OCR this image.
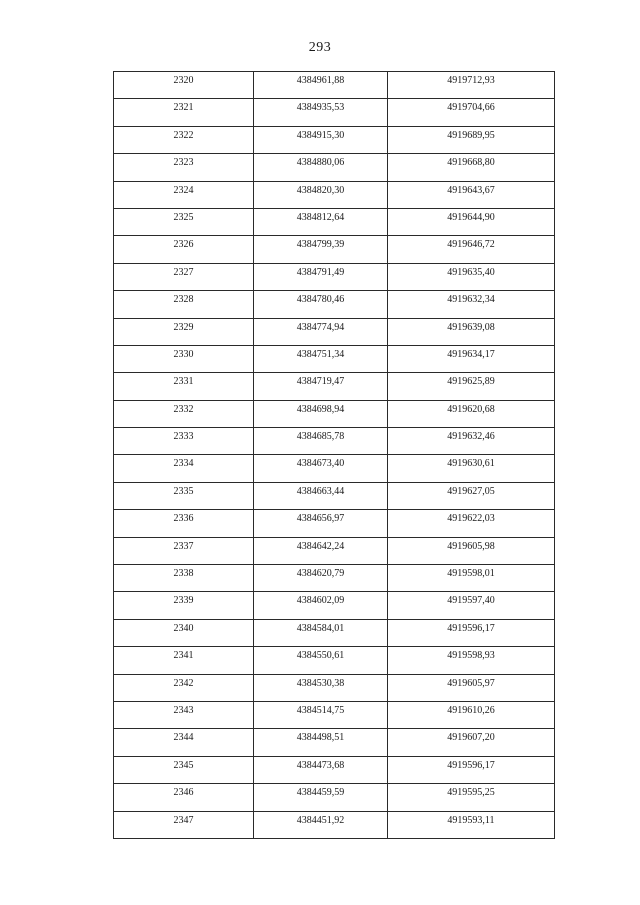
293
2320	4384961,88	4919712,93
2321	4384935,53	4919704,66
2322	4384915,30	4919689,95
2323	4384880,06	4919668,80
2324	4384820,30	4919643,67
2325	4384812,64	4919644,90
2326	4384799,39	4919646,72
2327	4384791,49	4919635,40
2328	4384780,46	4919632,34
2329	4384774,94	4919639,08
2330	4384751,34	4919634,17
2331	4384719,47	4919625,89
2332	4384698,94	4919620,68
2333	4384685,78	4919632,46
2334	4384673,40	4919630,61
2335	4384663,44	4919627,05
2336	4384656,97	4919622,03
2337	4384642,24	4919605,98
2338	4384620,79	4919598,01
2339	4384602,09	4919597,40
2340	4384584,01	4919596,17
2341	4384550,61	4919598,93
2342	4384530,38	4919605,97
2343	4384514,75	4919610,26
2344	4384498,51	4919607,20
2345	4384473,68	4919596,17
2346	4384459,59	4919595,25
2347	4384451,92	4919593,11
